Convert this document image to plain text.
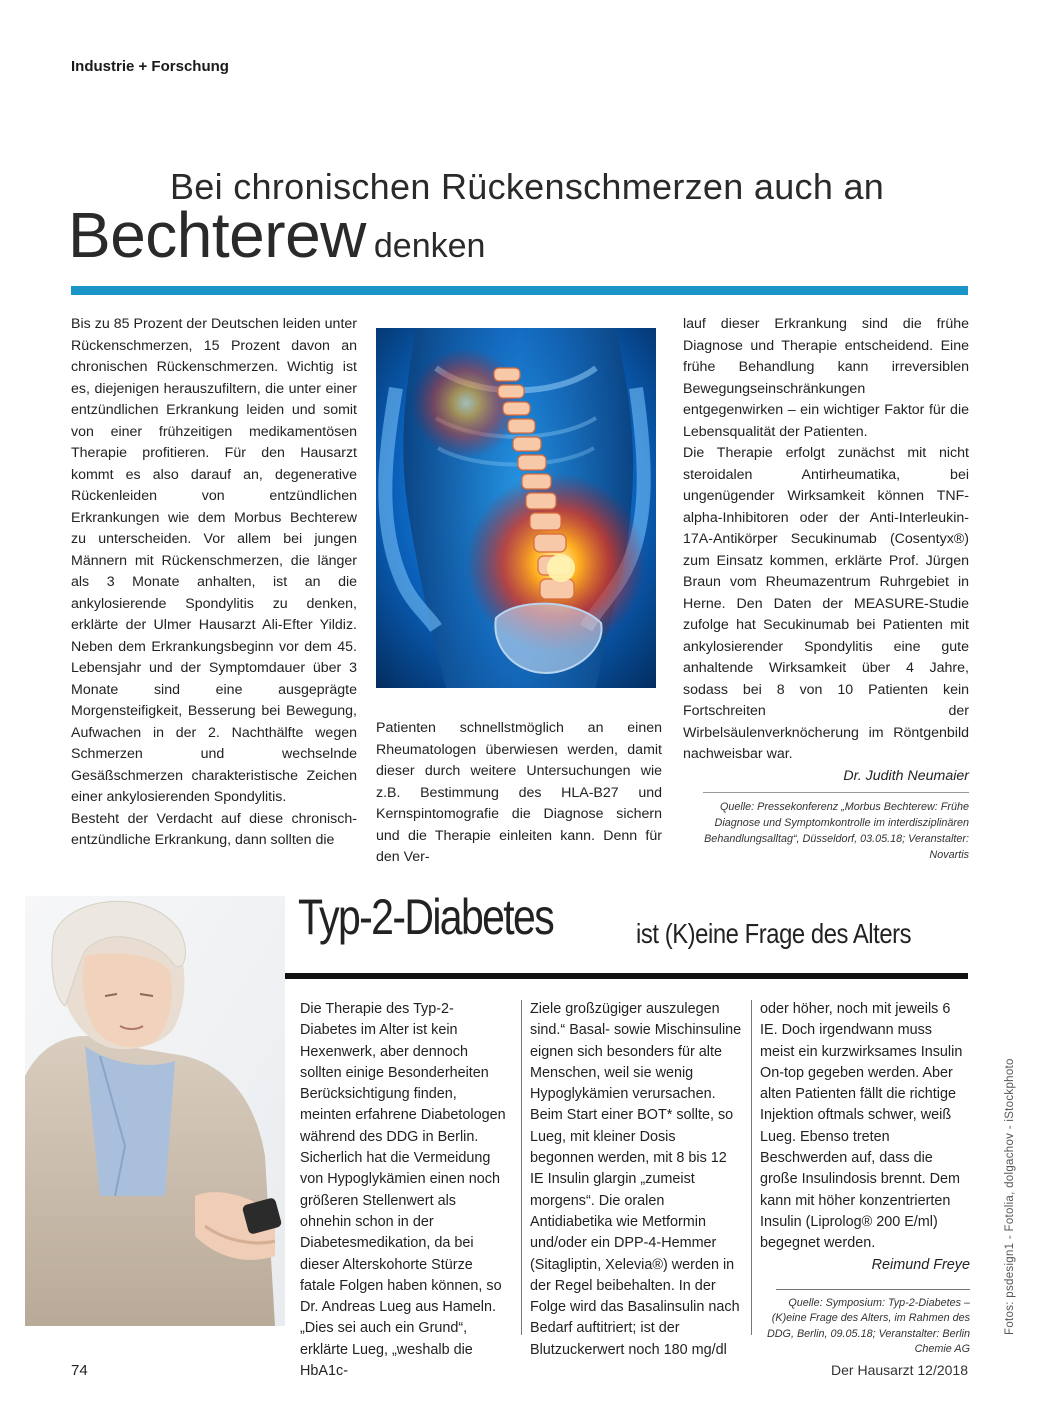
Industrie + Forschung
Bei chronischen Rückenschmerzen auch an
Bechterew denken

Bis zu 85 Prozent der Deutschen leiden unter Rückenschmerzen, 15 Prozent davon an chronischen Rückenschmerzen. Wichtig ist es, diejenigen herauszufiltern, die unter einer entzündlichen Erkrankung leiden und somit von einer frühzeitigen medikamentösen Therapie profitieren. Für den Hausarzt kommt es also darauf an, degenerative Rückenleiden von entzündlichen Erkrankungen wie dem Morbus Bechterew zu unterscheiden. Vor allem bei jungen Männern mit Rückenschmerzen, die länger als 3 Monate anhalten, ist an die ankylosierende Spondylitis zu denken, erklärte der Ulmer Hausarzt Ali-Efter Yildiz. Neben dem Erkrankungsbeginn vor dem 45. Lebensjahr und der Symptomdauer über 3 Monate sind eine ausgeprägte Morgensteifigkeit, Besserung bei Bewegung, Aufwachen in der 2. Nachthälfte wegen Schmerzen und wechselnde Gesäßschmerzen charakteristische Zeichen einer ankylosierenden Spondylitis.

Besteht der Verdacht auf diese chronisch-entzündliche Erkrankung, dann sollten die

Patienten schnellstmöglich an einen Rheumatologen überwiesen werden, damit dieser durch weitere Untersuchungen wie z.B. Bestimmung des HLA-B27 und Kernspintomografie die Diagnose sichern und die Therapie einleiten kann. Denn für den Ver-

lauf dieser Erkrankung sind die frühe Diagnose und Therapie entscheidend. Eine frühe Behandlung kann irreversiblen Bewegungseinschränkungen entgegenwirken – ein wichtiger Faktor für die Lebensqualität der Patienten.

Die Therapie erfolgt zunächst mit nicht steroidalen Antirheumatika, bei ungenügender Wirksamkeit können TNF-alpha-Inhibitoren oder der Anti-Interleukin-17A-Antikörper Secukinumab (Cosentyx®) zum Einsatz kommen, erklärte Prof. Jürgen Braun vom Rheumazentrum Ruhrgebiet in Herne. Den Daten der MEASURE-Studie zufolge hat Secukinumab bei Patienten mit ankylosierender Spondylitis eine gute anhaltende Wirksamkeit über 4 Jahre, sodass bei 8 von 10 Patienten kein Fortschreiten der Wirbelsäulenverknöcherung im Röntgenbild nachweisbar war.

Dr. Judith Neumaier
Quelle: Pressekonferenz „Morbus Bechterew: Frühe Diagnose und Symptomkontrolle im interdisziplinären Behandlungsalltag“, Düsseldorf, 03.05.18; Veranstalter: Novartis
Typ-2-Diabetes	ist (K)eine Frage des Alters

Die Therapie des Typ-2-Diabetes im Alter ist kein Hexenwerk, aber dennoch sollten einige Besonderheiten Berücksichtigung finden, meinten erfahrene Diabetologen während des DDG in Berlin. Sicherlich hat die Vermeidung von Hypoglykämien einen noch größeren Stellenwert als ohnehin schon in der Diabetesmedikation, da bei dieser Alterskohorte Stürze fatale Folgen haben können, so Dr. Andreas Lueg aus Hameln.

„Dies sei auch ein Grund“, erklärte Lueg, „weshalb die HbA1c-

Ziele großzügiger auszulegen sind.“ Basal- sowie Mischinsuline eignen sich besonders für alte Menschen, weil sie wenig Hypoglykämien verursachen. Beim Start einer BOT* sollte, so Lueg, mit kleiner Dosis begonnen werden, mit 8 bis 12 IE Insulin glargin „zumeist morgens“. Die oralen Antidiabetika wie Metformin und/oder ein DPP-4-Hemmer (Sitagliptin, Xelevia®) werden in der Regel beibehalten. In der Folge wird das Basalinsulin nach Bedarf auftitriert; ist der Blutzuckerwert noch 180 mg/dl

oder höher, noch mit jeweils 6 IE. Doch irgendwann muss meist ein kurzwirksames Insulin On-top gegeben werden. Aber alten Patienten fällt die richtige Injektion oftmals schwer, weiß Lueg. Ebenso treten Beschwerden auf, dass die große Insulindosis brennt. Dem kann mit höher konzentrierten Insulin (Liprolog® 200 E/ml) begegnet werden.

Reimund Freye
Quelle: Symposium: Typ-2-Diabetes – (K)eine Frage des Alters, im Rahmen des DDG, Berlin, 09.05.18; Veranstalter: Berlin Chemie AG
Fotos: psdesign1 - Fotolia, dolgachov - iStockphoto
74	Der Hausarzt 12/2018
